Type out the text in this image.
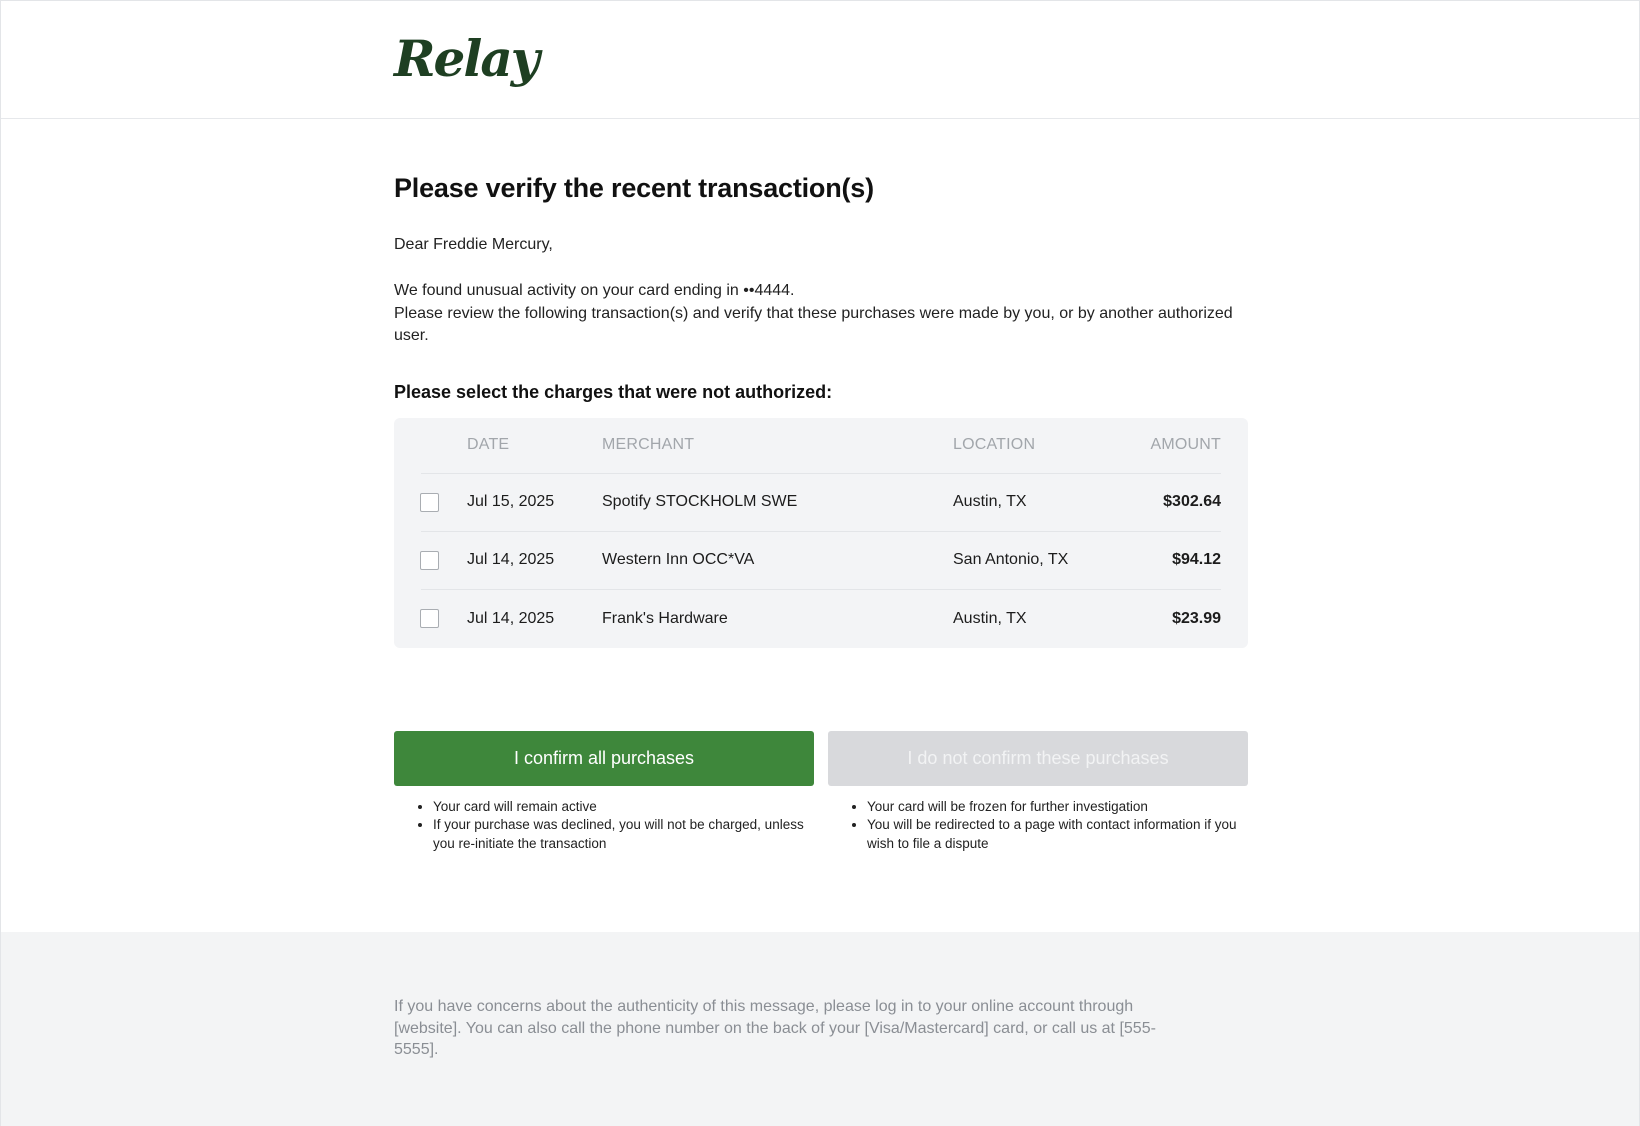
Relay
Please verify the recent transaction(s)

Dear Freddie Mercury,

We found unusual activity on your card ending in ••4444.

Please review the following transaction(s) and verify that these purchases were made by you, or by another authorized user.

Please select the charges that were not authorized:

DATE	MERCHANT	LOCATION	AMOUNT
Jul 15, 2025	Spotify STOCKHOLM SWE	Austin, TX	$302.64
Jul 14, 2025	Western Inn OCC*VA	San Antonio, TX	$94.12
Jul 14, 2025	Frank's Hardware	Austin, TX	$23.99
I confirm all purchases
• Your card will remain active
• If your purchase was declined, you will not be charged, unless you re-initiate the transaction
I do not confirm these purchases
• Your card will be frozen for further investigation
• You will be redirected to a page with contact information if you wish to file a dispute

If you have concerns about the authenticity of this message, please log in to your online account through [website]. You can also call the phone number on the back of your [Visa/Mastercard] card, or call us at [555-5555].
